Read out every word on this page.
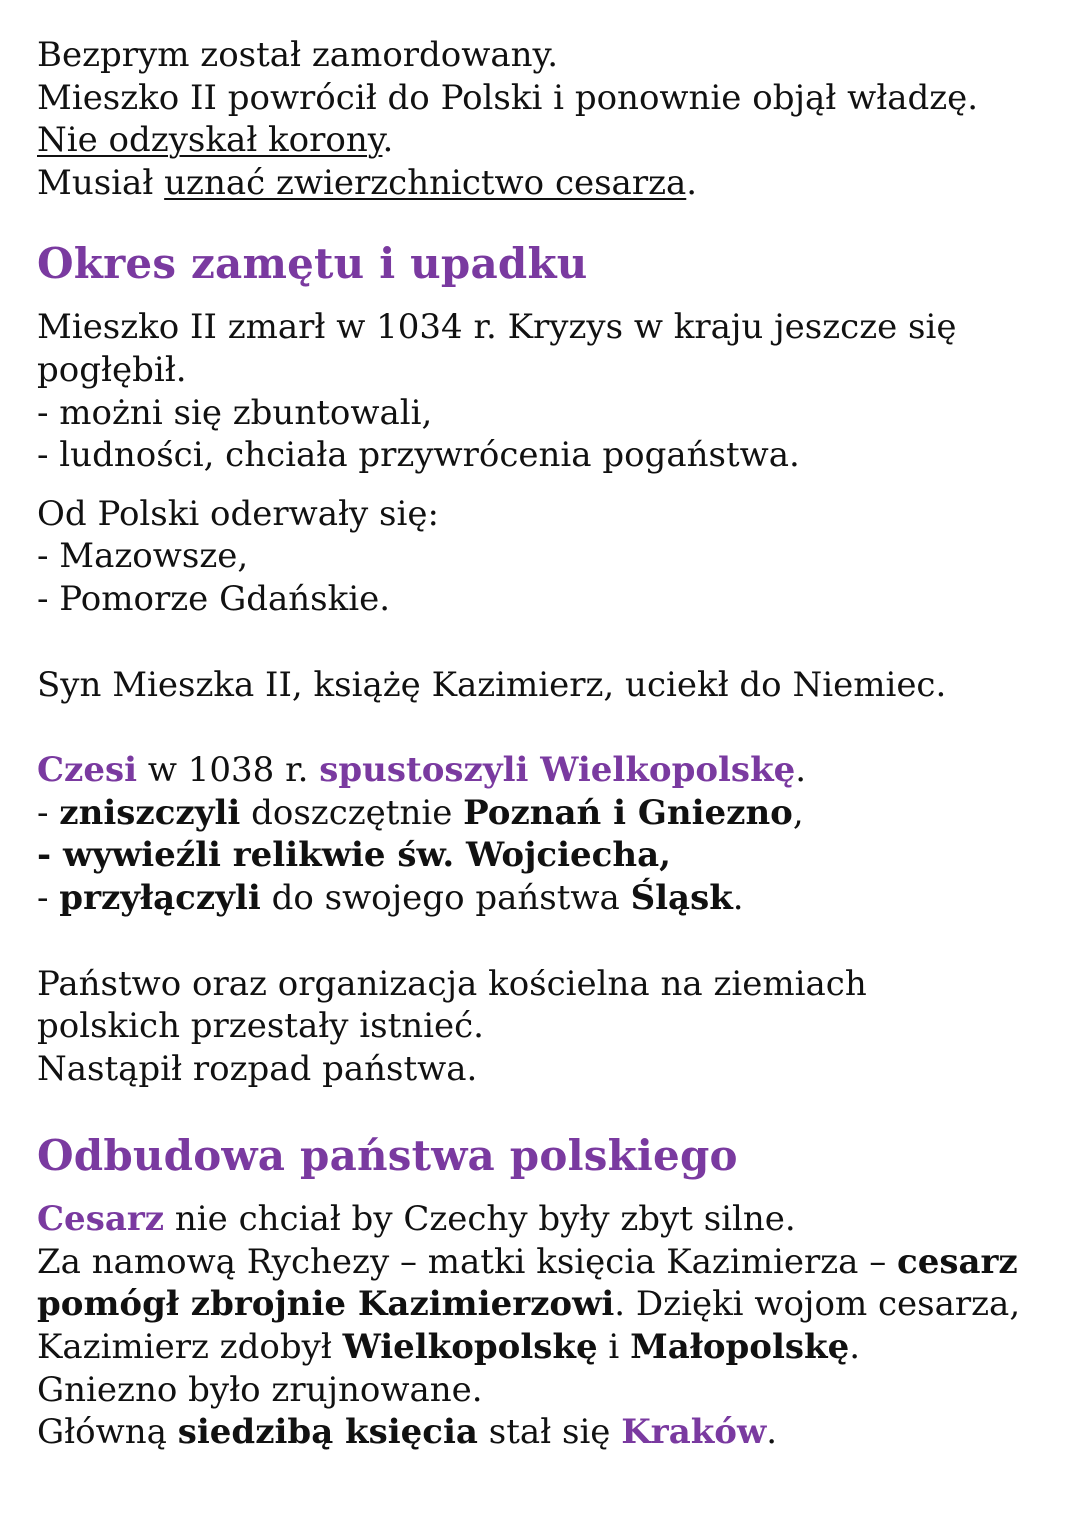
Bezprym został zamordowany.

Mieszko II powrócił do Polski i ponownie objął władzę.

Nie odzyskał korony.

Musiał uznać zwierzchnictwo cesarza.

Okres zamętu i upadku

Mieszko II zmarł w 1034 r. Kryzys w kraju jeszcze się

pogłębił.

- możni się zbuntowali,

- ludności, chciała przywrócenia pogaństwa.

Od Polski oderwały się:

- Mazowsze,

- Pomorze Gdańskie.

Syn Mieszka II, książę Kazimierz, uciekł do Niemiec.

Czesi w 1038 r. spustoszyli Wielkopolskę.

- zniszczyli doszczętnie Poznań i Gniezno,

- wywieźli relikwie św. Wojciecha,

- przyłączyli do swojego państwa Śląsk.

Państwo oraz organizacja kościelna na ziemiach

polskich przestały istnieć.

Nastąpił rozpad państwa.

Odbudowa państwa polskiego

Cesarz nie chciał by Czechy były zbyt silne.

Za namową Rychezy – matki księcia Kazimierza – cesarz

pomógł zbrojnie Kazimierzowi. Dzięki wojom cesarza,

Kazimierz zdobył Wielkopolskę i Małopolskę.

Gniezno było zrujnowane.

Główną siedzibą księcia stał się Kraków.
